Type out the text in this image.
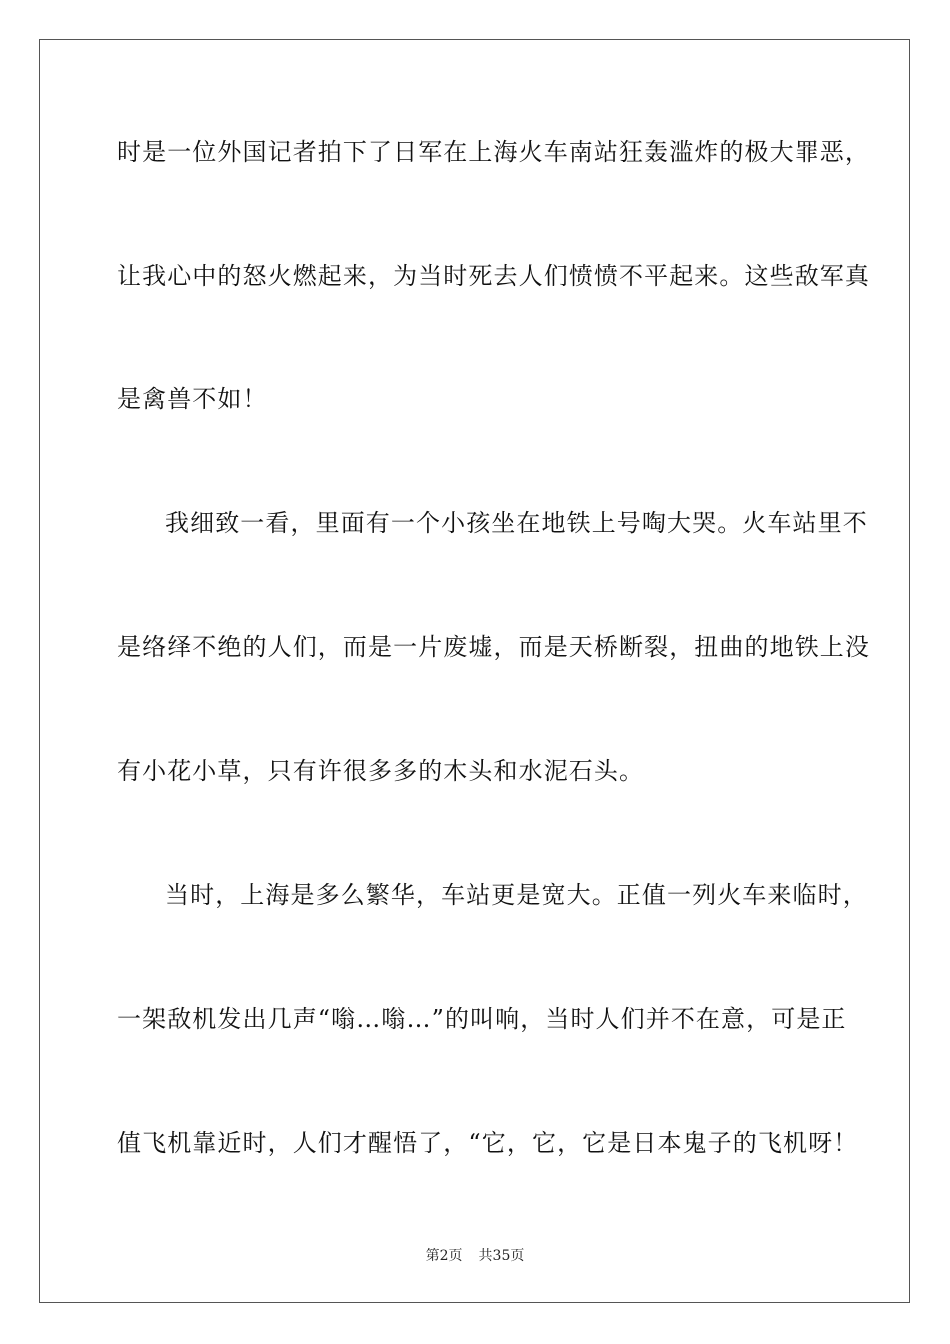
时是一位外国记者拍下了日军在上海火车南站狂轰滥炸的极大罪恶，
让我心中的怒火燃起来，为当时死去人们愤愤不平起来。这些敌军真
是禽兽不如！
我细致一看，里面有一个小孩坐在地铁上号啕大哭。火车站里不
是络绎不绝的人们，而是一片废墟，而是天桥断裂，扭曲的地铁上没
有小花小草，只有许很多多的木头和水泥石头。
当时，上海是多么繁华，车站更是宽大。正值一列火车来临时，
一架敌机发出几声“嗡…嗡…”的叫响，当时人们并不在意，可是正
值飞机靠近时，人们才醒悟了，“它，它，它是日本鬼子的飞机呀！
第2页 共35页
